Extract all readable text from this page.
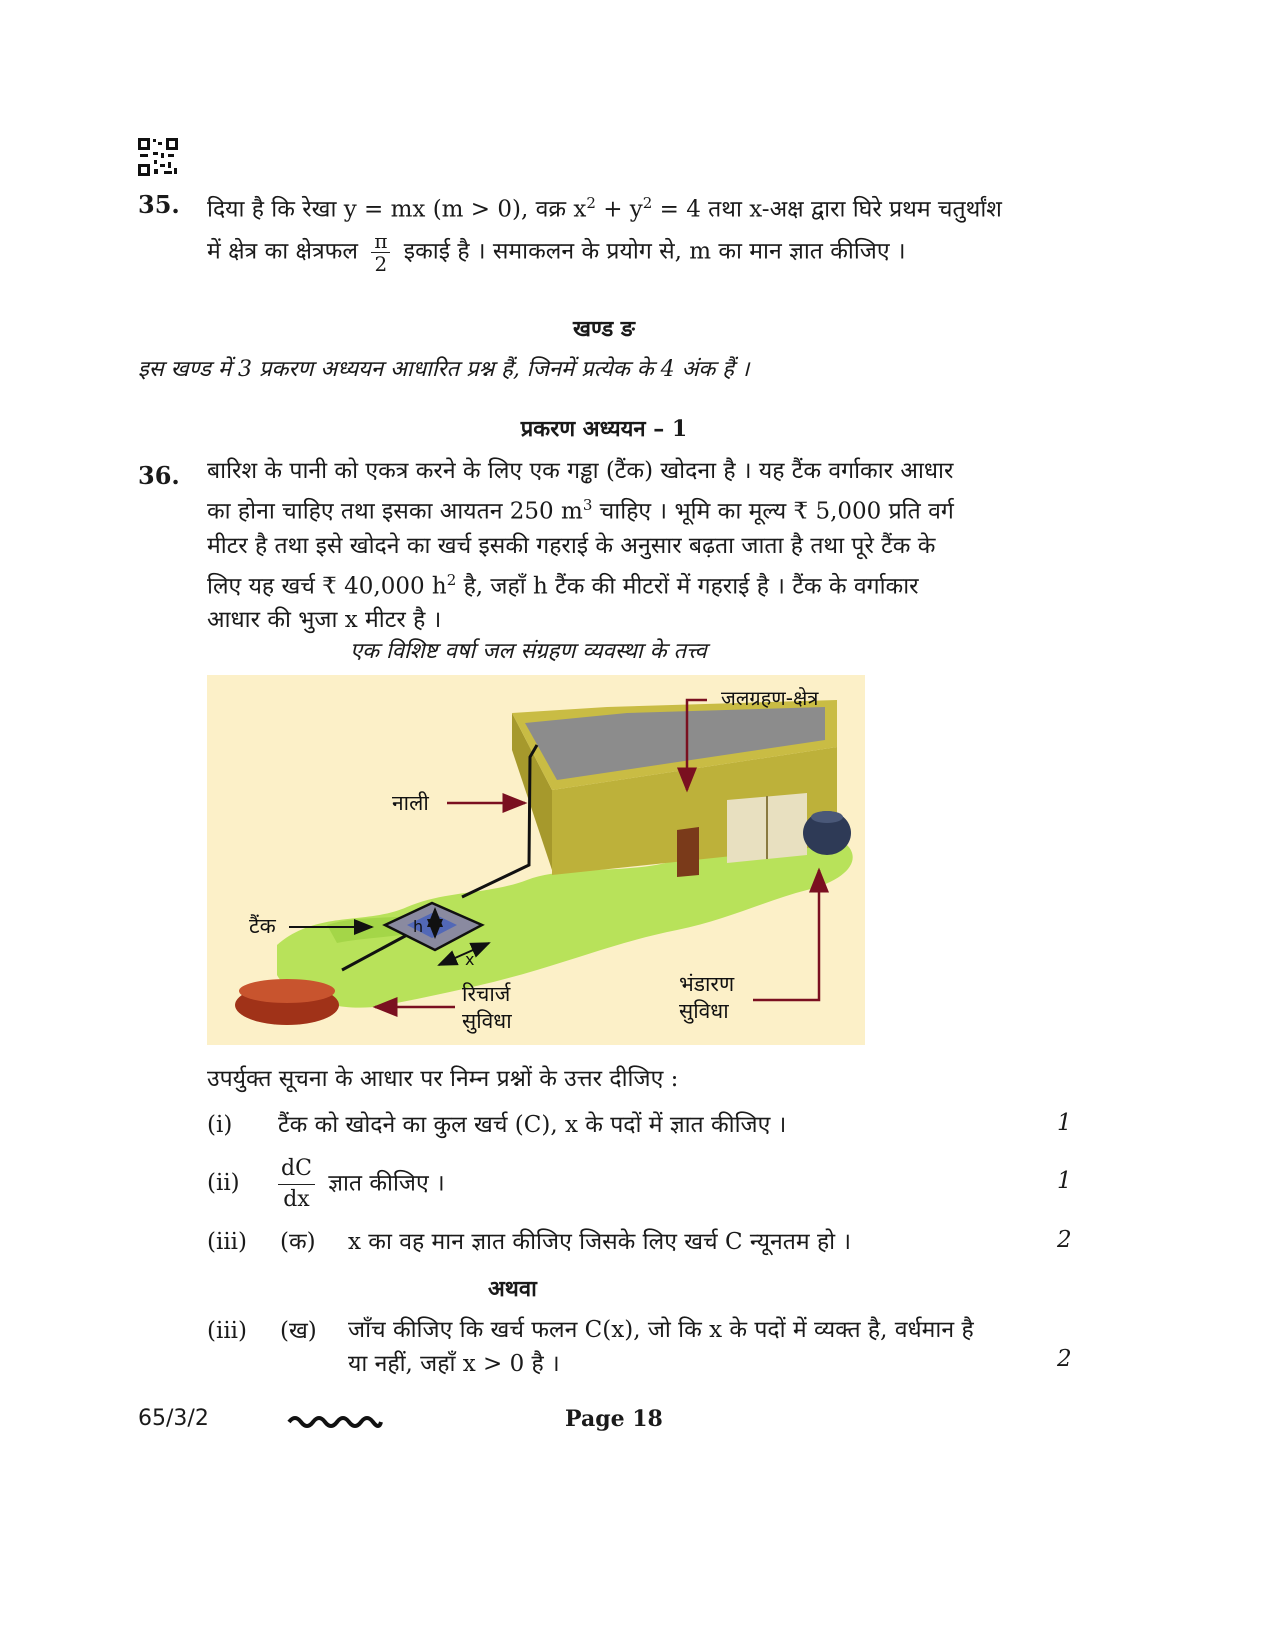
35. दिया है कि रेखा y = mx (m > 0), वक्र $x^2 + y^2 = 4$ तथा x-अक्ष द्वारा घिरे प्रथम चतुर्थांश
में क्षेत्र का क्षेत्रफल $\frac{\pi}{2}$ इकाई है । समाकलन के प्रयोग से, m का मान ज्ञात कीजिए ।
खण्ड ङ
इस खण्ड में 3 प्रकरण अध्ययन आधारित प्रश्न हैं, जिनमें प्रत्येक के 4 अंक हैं ।
प्रकरण अध्ययन – 1
36. बारिश के पानी को एकत्र करने के लिए एक गड्ढा (टैंक) खोदना है । यह टैंक वर्गाकार आधार
का होना चाहिए तथा इसका आयतन 250 $m^3$ चाहिए । भूमि का मूल्य ₹ 5,000 प्रति वर्ग
मीटर है तथा इसे खोदने का खर्च इसकी गहराई के अनुसार बढ़ता जाता है तथा पूरे टैंक के
लिए यह खर्च ₹ 40,000 $h^2$ है, जहाँ h टैंक की मीटरों में गहराई है । टैंक के वर्गाकार
आधार की भुजा x मीटर है ।
एक विशिष्ट वर्षा जल संग्रहण व्यवस्था के तत्त्व
जलग्रहण-क्षेत्र
नाली
टैंक	h
x
रिचार्ज
सुविधा
भंडारण
सुविधा
उपर्युक्त सूचना के आधार पर निम्न प्रश्नों के उत्तर दीजिए :
(i) टैंक को खोदने का कुल खर्च (C), x के पदों में ज्ञात कीजिए ।	1
$(ii) \frac{dC}{dx}$ ज्ञात कीजिए ।	1
(iii) (क) x का वह मान ज्ञात कीजिए जिसके लिए खर्च C न्यूनतम हो ।	2
अथवा
(iii) (ख) जाँच कीजिए कि खर्च फलन C(x), जो कि x के पदों में व्यक्त है, वर्धमान है
या नहीं, जहाँ x > 0 है ।	2
65/3/2	Page 18
